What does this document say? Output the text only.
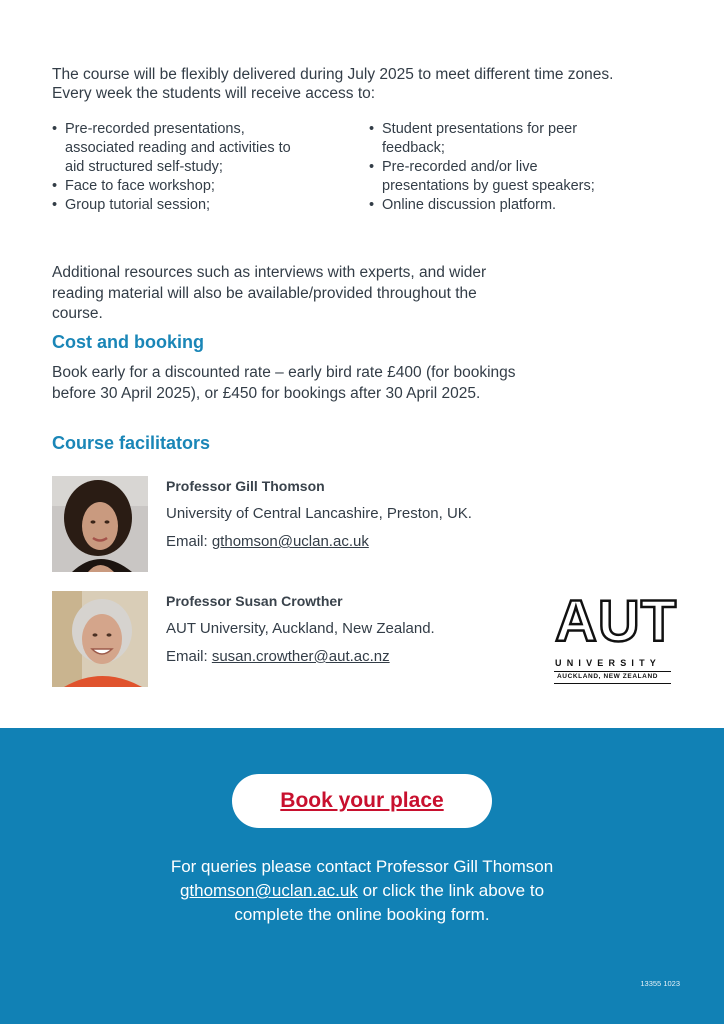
The course will be flexibly delivered during July 2025 to meet different time zones.
Every week the students will receive access to:
• Pre-recorded presentations, associated reading and activities to aid structured self-study;
• Face to face workshop;
• Group tutorial session;
• Student presentations for peer feedback;
• Pre-recorded and/or live presentations by guest speakers;
• Online discussion platform.
Additional resources such as interviews with experts, and wider reading material will also be available/provided throughout the course.
Cost and booking
Book early for a discounted rate – early bird rate £400 (for bookings before 30 April 2025), or £450 for bookings after 30 April 2025.
Course facilitators
Professor Gill Thomson
University of Central Lancashire, Preston, UK.
Email: gthomson@uclan.ac.uk
Professor Susan Crowther
AUT University, Auckland, New Zealand.
Email: susan.crowther@aut.ac.nz
AUT
UNIVERSITY
AUCKLAND, NEW ZEALAND
Book your place
For queries please contact Professor Gill Thomson
gthomson@uclan.ac.uk or click the link above to
complete the online booking form.
13355 1023
